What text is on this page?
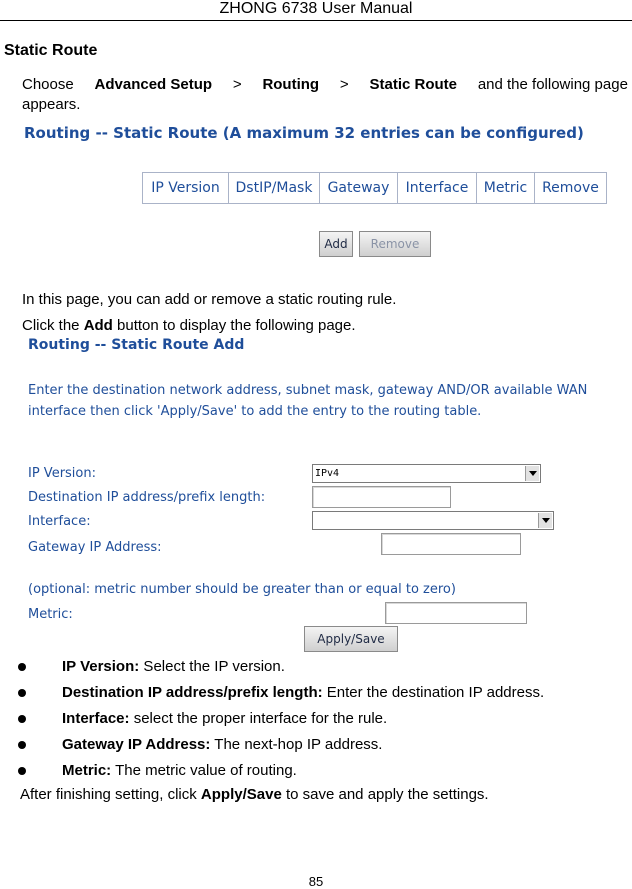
ZHONG 6738 User Manual
Static Route
Choose Advanced Setup > Routing > Static Route and the following page
appears.
Routing -- Static Route (A maximum 32 entries can be configured)
IP Version	DstIP/Mask	Gateway	Interface	Metric	Remove
Add	Remove
In this page, you can add or remove a static routing rule.
Click the Add button to display the following page.
Routing -- Static Route Add
Enter the destination network address, subnet mask, gateway AND/OR available WAN
interface then click 'Apply/Save' to add the entry to the routing table.
IP Version:	IPv4
Destination IP address/prefix length:
Interface:
Gateway IP Address:
(optional: metric number should be greater than or equal to zero)
Metric:
Apply/Save
IP Version: Select the IP version.
Destination IP address/prefix length: Enter the destination IP address.
Interface: select the proper interface for the rule.
Gateway IP Address: The next-hop IP address.
Metric: The metric value of routing.
After finishing setting, click Apply/Save to save and apply the settings.
85
